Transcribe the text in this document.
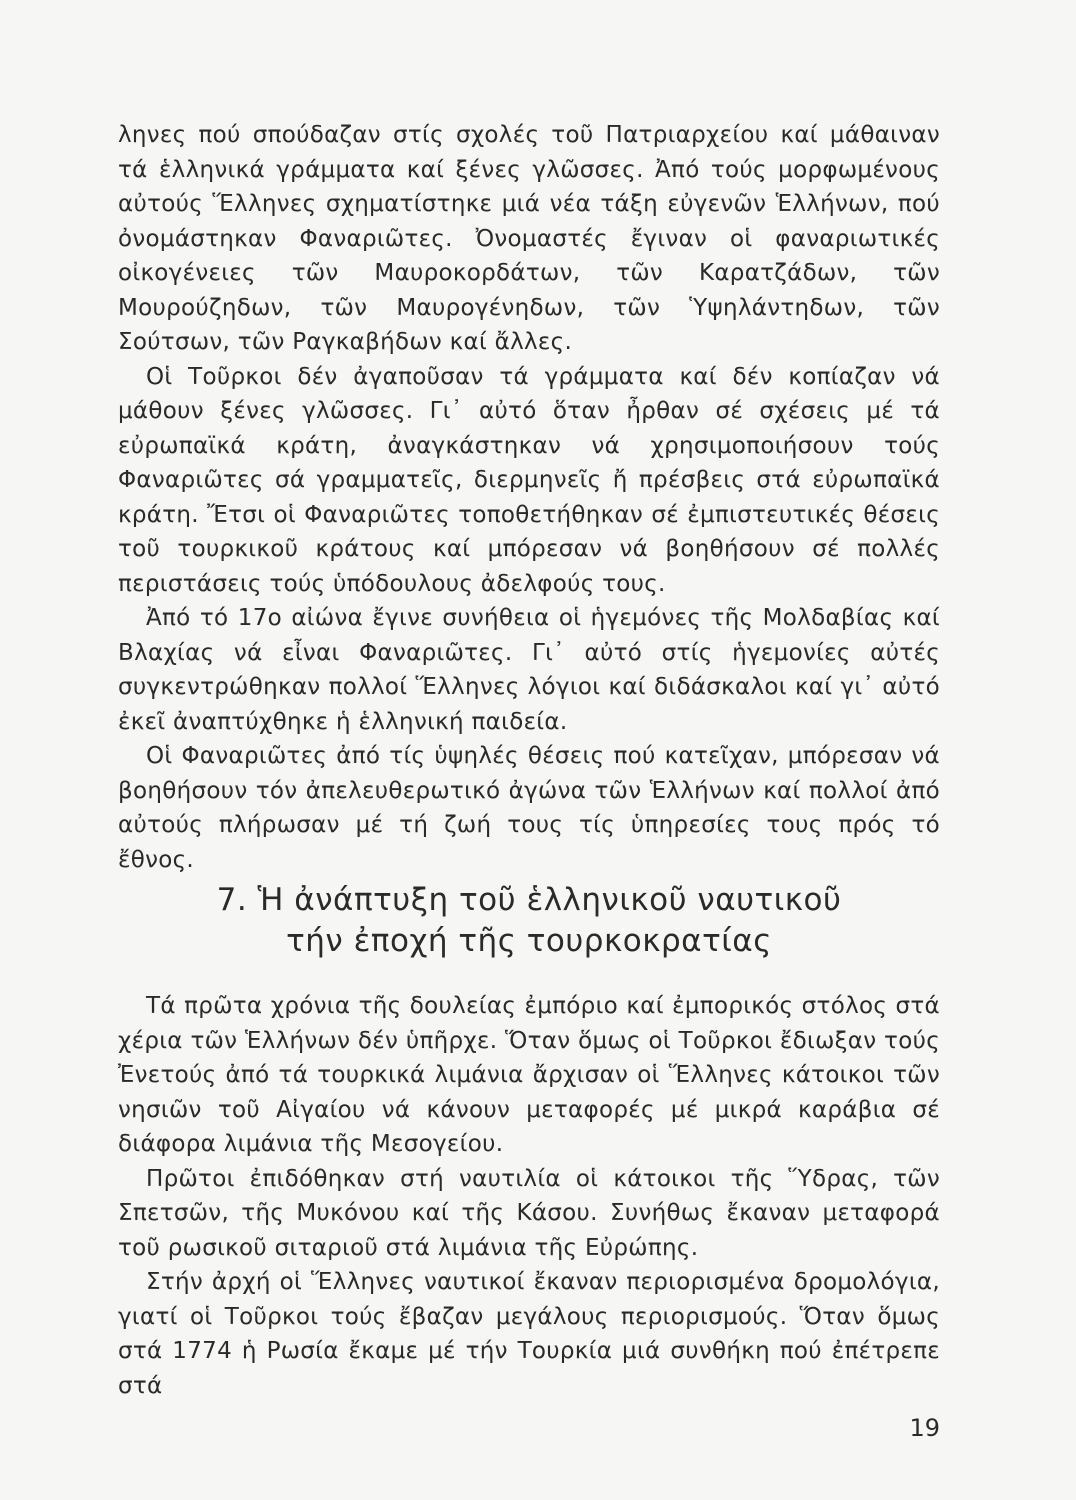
ληνες πού σπούδαζαν στίς σχολές τοῦ Πατριαρχείου καί μάθαιναν τά ἑλληνικά γράμματα καί ξένες γλῶσσες. Ἀπό τούς μορφωμένους αὐτούς Ἕλληνες σχηματίστηκε μιά νέα τάξη εὐγενῶν Ἑλλήνων, πού ὀνομάστηκαν Φαναριῶτες. Ὀνομαστές ἔγιναν οἱ φαναριωτικές οἰκογένειες τῶν Μαυροκορδάτων, τῶν Καρατζάδων, τῶν Μουρούζηδων, τῶν Μαυρογένηδων, τῶν Ὑψηλάντηδων, τῶν Σούτσων, τῶν Ραγκαβήδων καί ἄλλες.

Οἱ Τοῦρκοι δέν ἀγαποῦσαν τά γράμματα καί δέν κοπίαζαν νά μάθουν ξένες γλῶσσες. Γι᾽ αὐτό ὅταν ἦρθαν σέ σχέσεις μέ τά εὐρωπαϊκά κράτη, ἀναγκάστηκαν νά χρησιμοποιήσουν τούς Φαναριῶτες σά γραμματεῖς, διερμηνεῖς ἤ πρέσβεις στά εὐρωπαϊκά κράτη. Ἔτσι οἱ Φαναριῶτες τοποθετήθηκαν σέ ἐμπιστευτικές θέσεις τοῦ τουρκικοῦ κράτους καί μπόρεσαν νά βοηθήσουν σέ πολλές περιστάσεις τούς ὑπόδουλους ἀδελφούς τους.

Ἀπό τό 17ο αἰώνα ἔγινε συνήθεια οἱ ἡγεμόνες τῆς Μολδαβίας καί Βλαχίας νά εἶναι Φαναριῶτες. Γι᾽ αὐτό στίς ἡγεμονίες αὐτές συγκεντρώθηκαν πολλοί Ἕλληνες λόγιοι καί διδάσκαλοι καί γι᾽ αὐτό ἐκεῖ ἀναπτύχθηκε ἡ ἑλληνική παιδεία.

Οἱ Φαναριῶτες ἀπό τίς ὑψηλές θέσεις πού κατεῖχαν, μπόρεσαν νά βοηθήσουν τόν ἀπελευθερωτικό ἀγώνα τῶν Ἑλλήνων καί πολλοί ἀπό αὐτούς πλήρωσαν μέ τή ζωή τους τίς ὑπηρεσίες τους πρός τό ἔθνος.

7. Ἡ ἀνάπτυξη τοῦ ἑλληνικοῦ ναυτικοῦ
τήν ἐποχή τῆς τουρκοκρατίας

Τά πρῶτα χρόνια τῆς δουλείας ἐμπόριο καί ἐμπορικός στόλος στά χέρια τῶν Ἑλλήνων δέν ὑπῆρχε. Ὅταν ὅμως οἱ Τοῦρκοι ἔδιωξαν τούς Ἐνετούς ἀπό τά τουρκικά λιμάνια ἄρχισαν οἱ Ἕλληνες κάτοικοι τῶν νησιῶν τοῦ Αἰγαίου νά κάνουν μεταφορές μέ μικρά καράβια σέ διάφορα λιμάνια τῆς Μεσογείου.

Πρῶτοι ἐπιδόθηκαν στή ναυτιλία οἱ κάτοικοι τῆς Ὕδρας, τῶν Σπετσῶν, τῆς Μυκόνου καί τῆς Κάσου. Συνήθως ἔκαναν μεταφορά τοῦ ρωσικοῦ σιταριοῦ στά λιμάνια τῆς Εὐρώπης.

Στήν ἀρχή οἱ Ἕλληνες ναυτικοί ἔκαναν περιορισμένα δρομολόγια, γιατί οἱ Τοῦρκοι τούς ἔβαζαν μεγάλους περιορισμούς. Ὅταν ὅμως στά 1774 ἡ Ρωσία ἔκαμε μέ τήν Τουρκία μιά συνθήκη πού ἐπέτρεπε στά

19
